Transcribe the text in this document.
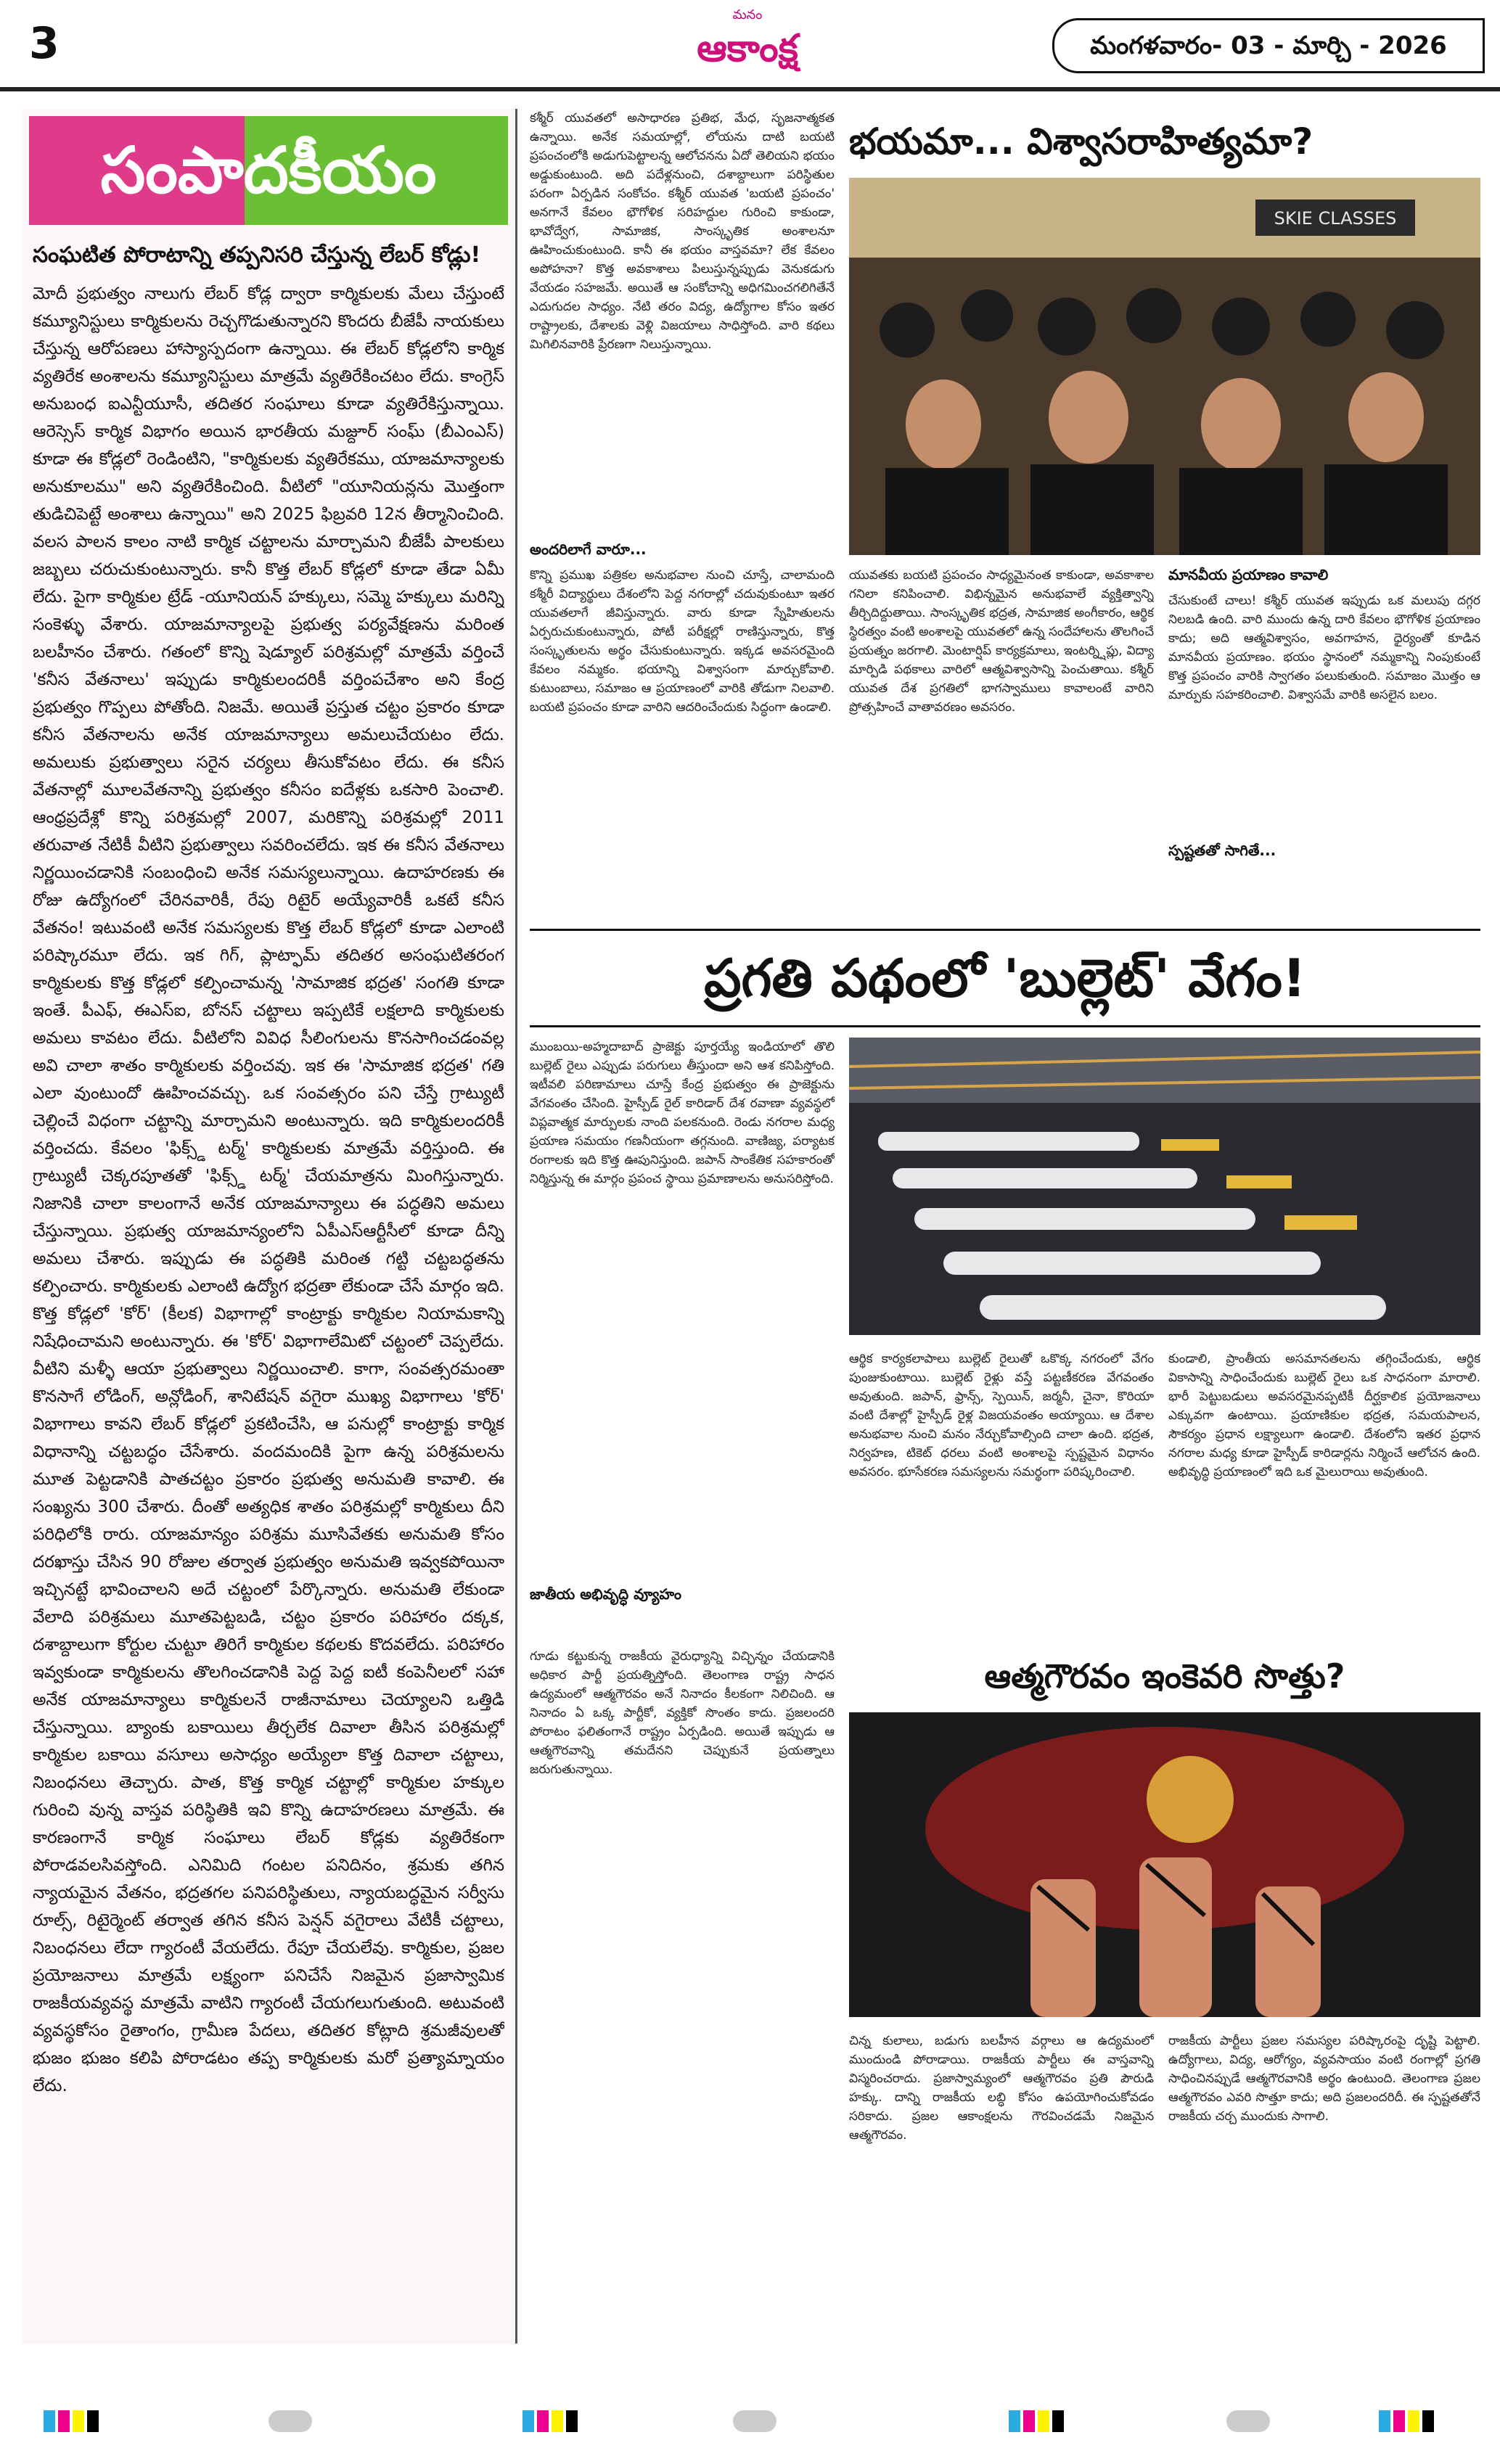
3
మనం
ఆకాంక్ష	మంగళవారం- 03 - మార్చి - 2026
సంపాదకీయం
సంఘటిత పోరాటాన్ని తప్పనిసరి చేస్తున్న లేబర్ కోడ్లు!
మోదీ ప్రభుత్వం నాలుగు లేబర్ కోడ్ల ద్వారా కార్మికులకు మేలు చేస్తుంటే కమ్యూనిస్టులు కార్మికులను రెచ్చగొడుతున్నారని కొందరు బీజేపీ నాయకులు చేస్తున్న ఆరోపణలు హాస్యాస్పదంగా ఉన్నాయి. ఈ లేబర్ కోడ్లలోని కార్మిక వ్యతిరేక అంశాలను కమ్యూనిస్టులు మాత్రమే వ్యతిరేకించటం లేదు. కాంగ్రెస్ అనుబంధ ఐఎన్టీయూసీ, తదితర సంఘాలు కూడా వ్యతిరేకిస్తున్నాయి. ఆరెస్సెస్ కార్మిక విభాగం అయిన భారతీయ మజ్దూర్ సంఘ్ (బీఎంఎస్) కూడా ఈ కోడ్లలో రెండింటిని, "కార్మికులకు వ్యతిరేకము, యాజమాన్యాలకు అనుకూలము" అని వ్యతిరేకించింది. వీటిలో "యూనియన్లను మొత్తంగా తుడిచిపెట్టే అంశాలు ఉన్నాయి" అని 2025 ఫిబ్రవరి 12న తీర్మానించింది. వలస పాలన కాలం నాటి కార్మిక చట్టాలను మార్చామని బీజేపీ పాలకులు జబ్బలు చరుచుకుంటున్నారు. కానీ కొత్త లేబర్ కోడ్లలో కూడా తేడా ఏమీ లేదు. పైగా కార్మికుల ట్రేడ్ -యూనియన్ హక్కులు, సమ్మె హక్కులు మరిన్ని సంకెళ్ళు వేశారు. యాజమాన్యాలపై ప్రభుత్వ పర్యవేక్షణను మరింత బలహీనం చేశారు. గతంలో కొన్ని షెడ్యూల్ పరిశ్రమల్లో మాత్రమే వర్తించే 'కనీస వేతనాలు' ఇప్పుడు కార్మికులందరికీ వర్తింపచేశాం అని కేంద్ర ప్రభుత్వం గొప్పలు పోతోంది. నిజమే. అయితే ప్రస్తుత చట్టం ప్రకారం కూడా కనీస వేతనాలను అనేక యాజమాన్యాలు అమలుచేయటం లేదు. అమలుకు ప్రభుత్వాలు సరైన చర్యలు తీసుకోవటం లేదు. ఈ కనీస వేతనాల్లో మూలవేతనాన్ని ప్రభుత్వం కనీసం ఐదేళ్లకు ఒకసారి పెంచాలి. ఆంధ్రప్రదేశ్లో కొన్ని పరిశ్రమల్లో 2007, మరికొన్ని పరిశ్రమల్లో 2011 తరువాత నేటికీ వీటిని ప్రభుత్వాలు సవరించలేదు. ఇక ఈ కనీస వేతనాలు నిర్ణయించడానికి సంబంధించి అనేక సమస్యలున్నాయి. ఉదాహరణకు ఈ రోజు ఉద్యోగంలో చేరినవారికీ, రేపు రిటైర్ అయ్యేవారికీ ఒకటే కనీస వేతనం! ఇటువంటి అనేక సమస్యలకు కొత్త లేబర్ కోడ్లలో కూడా ఎలాంటి పరిష్కారమూ లేదు. ఇక గిగ్, ప్లాట్ఫామ్ తదితర అసంఘటితరంగ కార్మికులకు కొత్త కోడ్లలో కల్పించామన్న 'సామాజిక భద్రత' సంగతి కూడా ఇంతే. పీఎఫ్, ఈఎస్ఐ, బోనస్ చట్టాలు ఇప్పటికే లక్షలాది కార్మికులకు అమలు కావటం లేదు. వీటిలోని వివిధ సీలింగులను కొనసాగించడంవల్ల అవి చాలా శాతం కార్మికులకు వర్తించవు. ఇక ఈ 'సామాజిక భద్రత' గతి ఎలా వుంటుందో ఊహించవచ్చు. ఒక సంవత్సరం పని చేస్తే గ్రాట్యుటీ చెల్లించే విధంగా చట్టాన్ని మార్చామని అంటున్నారు. ఇది కార్మికులందరికీ వర్తించదు. కేవలం 'ఫిక్స్డ్ టర్మ్' కార్మికులకు మాత్రమే వర్తిస్తుంది. ఈ గ్రాట్యుటీ చెక్కరపూతతో 'ఫిక్స్డ్ టర్మ్' చేయమాత్రను మింగిస్తున్నారు. నిజానికి చాలా కాలంగానే అనేక యాజమాన్యాలు ఈ పద్ధతిని అమలు చేస్తున్నాయి. ప్రభుత్వ యాజమాన్యంలోని ఏపీఎస్ఆర్టీసీలో కూడా దీన్ని అమలు చేశారు. ఇప్పుడు ఈ పద్ధతికి మరింత గట్టి చట్టబద్ధతను కల్పించారు. కార్మికులకు ఎలాంటి ఉద్యోగ భద్రతా లేకుండా చేసే మార్గం ఇది. కొత్త కోడ్లలో 'కోర్' (కీలక) విభాగాల్లో కాంట్రాక్టు కార్మికుల నియామకాన్ని నిషేధించామని అంటున్నారు. ఈ 'కోర్' విభాగాలేమిటో చట్టంలో చెప్పలేదు. వీటిని మళ్ళీ ఆయా ప్రభుత్వాలు నిర్ణయించాలి. కాగా, సంవత్సరమంతా కొనసాగే లోడింగ్, అన్లోడింగ్, శానిటేషన్ వగైరా ముఖ్య విభాగాలు 'కోర్' విభాగాలు కావని లేబర్ కోడ్లలో ప్రకటించేసి, ఆ పనుల్లో కాంట్రాక్టు కార్మిక విధానాన్ని చట్టబద్ధం చేసేశారు. వందమందికి పైగా ఉన్న పరిశ్రమలను మూత పెట్టడానికి పాతచట్టం ప్రకారం ప్రభుత్వ అనుమతి కావాలి. ఈ సంఖ్యను 300 చేశారు. దీంతో అత్యధిక శాతం పరిశ్రమల్లో కార్మికులు దీని పరిధిలోకి రారు. యాజమాన్యం పరిశ్రమ మూసివేతకు అనుమతి కోసం దరఖాస్తు చేసిన 90 రోజుల తర్వాత ప్రభుత్వం అనుమతి ఇవ్వకపోయినా ఇచ్చినట్టే భావించాలని అదే చట్టంలో పేర్కొన్నారు. అనుమతి లేకుండా వేలాది పరిశ్రమలు మూతపెట్టబడి, చట్టం ప్రకారం పరిహారం దక్కక, దశాబ్దాలుగా కోర్టుల చుట్టూ తిరిగే కార్మికుల కథలకు కొదవలేదు. పరిహారం ఇవ్వకుండా కార్మికులను తొలగించడానికి పెద్ద పెద్ద ఐటీ కంపెనీలలో సహా అనేక యాజమాన్యాలు కార్మికులనే రాజీనామాలు చెయ్యాలని ఒత్తిడి చేస్తున్నాయి. బ్యాంకు బకాయిలు తీర్చలేక దివాలా తీసిన పరిశ్రమల్లో కార్మికుల బకాయి వసూలు అసాధ్యం అయ్యేలా కొత్త దివాలా చట్టాలు, నిబంధనలు తెచ్చారు. పాత, కొత్త కార్మిక చట్టాల్లో కార్మికుల హక్కుల గురించి వున్న వాస్తవ పరిస్థితికి ఇవి కొన్ని ఉదాహరణలు మాత్రమే. ఈ కారణంగానే కార్మిక సంఘాలు లేబర్ కోడ్లకు వ్యతిరేకంగా పోరాడవలసివస్తోంది. ఎనిమిది గంటల పనిదినం, శ్రమకు తగిన న్యాయమైన వేతనం, భద్రతగల పనిపరిస్థితులు, న్యాయబద్ధమైన సర్వీసు రూల్స్, రిటైర్మెంట్ తర్వాత తగిన కనీస పెన్షన్ వగైరాలు వేటికీ చట్టాలు, నిబంధనలు లేదా గ్యారంటీ వేయలేదు. రేపూ చేయలేవు. కార్మికుల, ప్రజల ప్రయోజనాలు మాత్రమే లక్ష్యంగా పనిచేసే నిజమైన ప్రజాస్వామిక రాజకీయవ్యవస్థ మాత్రమే వాటిని గ్యారంటీ చేయగలుగుతుంది. అటువంటి వ్యవస్థకోసం రైతాంగం, గ్రామీణ పేదలు, తదితర కోట్లాది శ్రమజీవులతో భుజం భుజం కలిపి పోరాడటం తప్ప కార్మికులకు మరో ప్రత్యామ్నాయం లేదు.
కశ్మీర్ యువతలో అసాధారణ ప్రతిభ, మేధ, సృజనాత్మకత ఉన్నాయి. అనేక సమయాల్లో, లోయను దాటి బయటి ప్రపంచంలోకి అడుగుపెట్టాలన్న ఆలోచనను ఏదో తెలియని భయం అడ్డుకుంటుంది. అది పదేళ్లనుంచి, దశాబ్దాలుగా పరిస్థితుల పరంగా ఏర్పడిన సంకోచం. కశ్మీర్ యువత 'బయటి ప్రపంచం' అనగానే కేవలం భౌగోళిక సరిహద్దుల గురించి కాకుండా, భావోద్వేగ, సామాజిక, సాంస్కృతిక అంశాలనూ ఊహించుకుంటుంది. కానీ ఈ భయం వాస్తవమా? లేక కేవలం అపోహనా? కొత్త అవకాశాలు పిలుస్తున్నప్పుడు వెనుకడుగు వేయడం సహజమే. అయితే ఆ సంకోచాన్ని అధిగమించగలిగితేనే ఎదుగుదల సాధ్యం. నేటి తరం విద్య, ఉద్యోగాల కోసం ఇతర రాష్ట్రాలకు, దేశాలకు వెళ్లి విజయాలు సాధిస్తోంది. వారి కథలు మిగిలినవారికి ప్రేరణగా నిలుస్తున్నాయి.
అందరిలాగే వారూ...
కొన్ని ప్రముఖ పత్రికల అనుభవాల నుంచి చూస్తే, చాలామంది కశ్మీరీ విద్యార్థులు దేశంలోని పెద్ద నగరాల్లో చదువుకుంటూ ఇతర యువతలాగే జీవిస్తున్నారు. వారు కూడా స్నేహితులను ఏర్పరుచుకుంటున్నారు, పోటీ పరీక్షల్లో రాణిస్తున్నారు, కొత్త సంస్కృతులను అర్థం చేసుకుంటున్నారు. ఇక్కడ అవసరమైంది కేవలం నమ్మకం. భయాన్ని విశ్వాసంగా మార్చుకోవాలి. కుటుంబాలు, సమాజం ఆ ప్రయాణంలో వారికి తోడుగా నిలవాలి. బయటి ప్రపంచం కూడా వారిని ఆదరించేందుకు సిద్ధంగా ఉండాలి.
భయమా... విశ్వాసరాహిత్యమా?
SKIE CLASSES
యువతకు బయటి ప్రపంచం సాధ్యమైనంత కాకుండా, అవకాశాల గనిలా కనిపించాలి. విభిన్నమైన అనుభవాలే వ్యక్తిత్వాన్ని తీర్చిదిద్దుతాయి. సాంస్కృతిక భద్రత, సామాజిక అంగీకారం, ఆర్థిక స్థిరత్వం వంటి అంశాలపై యువతలో ఉన్న సందేహాలను తొలగించే ప్రయత్నం జరగాలి. మెంటార్షిప్ కార్యక్రమాలు, ఇంటర్న్షిప్లు, విద్యా మార్పిడి పథకాలు వారిలో ఆత్మవిశ్వాసాన్ని పెంచుతాయి. కశ్మీర్ యువత దేశ ప్రగతిలో భాగస్వాములు కావాలంటే వారిని ప్రోత్సహించే వాతావరణం అవసరం.
మానవీయ ప్రయాణం కావాలి
చేసుకుంటే చాలు! కశ్మీర్ యువత ఇప్పుడు ఒక మలుపు దగ్గర నిలబడి ఉంది. వారి ముందు ఉన్న దారి కేవలం భౌగోళిక ప్రయాణం కాదు; అది ఆత్మవిశ్వాసం, అవగాహన, ధైర్యంతో కూడిన మానవీయ ప్రయాణం. భయం స్థానంలో నమ్మకాన్ని నింపుకుంటే కొత్త ప్రపంచం వారికి స్వాగతం పలుకుతుంది. సమాజం మొత్తం ఆ మార్పుకు సహకరించాలి. విశ్వాసమే వారికి అసలైన బలం.
స్పష్టతతో సాగితే...
ప్రగతి పథంలో 'బుల్లెట్' వేగం!
ముంబయి-అహ్మదాబాద్ ప్రాజెక్టు పూర్తయ్యే ఇండియాలో తొలి బుల్లెట్ రైలు ఎప్పుడు పరుగులు తీస్తుందా అని ఆశ కనిపిస్తోంది. ఇటీవలి పరిణామాలు చూస్తే కేంద్ర ప్రభుత్వం ఈ ప్రాజెక్టును వేగవంతం చేసింది. హైస్పీడ్ రైల్ కారిడార్ దేశ రవాణా వ్యవస్థలో విప్లవాత్మక మార్పులకు నాంది పలకనుంది. రెండు నగరాల మధ్య ప్రయాణ సమయం గణనీయంగా తగ్గనుంది. వాణిజ్య, పర్యాటక రంగాలకు ఇది కొత్త ఊపునిస్తుంది. జపాన్ సాంకేతిక సహకారంతో నిర్మిస్తున్న ఈ మార్గం ప్రపంచ స్థాయి ప్రమాణాలను అనుసరిస్తోంది.
ఆర్థిక కార్యకలాపాలు బుల్లెట్ రైలుతో ఒకొక్క నగరంలో వేగం పుంజుకుంటాయి. బుల్లెట్ రైళ్లు వస్తే పట్టణీకరణ వేగవంతం అవుతుంది. జపాన్, ఫ్రాన్స్, స్పెయిన్, జర్మనీ, చైనా, కొరియా వంటి దేశాల్లో హైస్పీడ్ రైళ్ల విజయవంతం అయ్యాయి. ఆ దేశాల అనుభవాల నుంచి మనం నేర్చుకోవాల్సింది చాలా ఉంది. భద్రత, నిర్వహణ, టికెట్ ధరలు వంటి అంశాలపై స్పష్టమైన విధానం అవసరం. భూసేకరణ సమస్యలను సమర్థంగా పరిష్కరించాలి.
జాతీయ అభివృద్ధి వ్యూహం
కుండాలి, ప్రాంతీయ అసమానతలను తగ్గించేందుకు, ఆర్థిక వికాసాన్ని సాధించేందుకు బుల్లెట్ రైలు ఒక సాధనంగా మారాలి. భారీ పెట్టుబడులు అవసరమైనప్పటికీ దీర్ఘకాలిక ప్రయోజనాలు ఎక్కువగా ఉంటాయి. ప్రయాణికుల భద్రత, సమయపాలన, సౌకర్యం ప్రధాన లక్ష్యాలుగా ఉండాలి. దేశంలోని ఇతర ప్రధాన నగరాల మధ్య కూడా హైస్పీడ్ కారిడార్లను నిర్మించే ఆలోచన ఉంది. అభివృద్ధి ప్రయాణంలో ఇది ఒక మైలురాయి అవుతుంది.
గూడు కట్టుకున్న రాజకీయ వైరుధ్యాన్ని విచ్ఛిన్నం చేయడానికి అధికార పార్టీ ప్రయత్నిస్తోంది. తెలంగాణ రాష్ట్ర సాధన ఉద్యమంలో ఆత్మగౌరవం అనే నినాదం కీలకంగా నిలిచింది. ఆ నినాదం ఏ ఒక్క పార్టీకో, వ్యక్తికో సొంతం కాదు. ప్రజలందరి పోరాటం ఫలితంగానే రాష్ట్రం ఏర్పడింది. అయితే ఇప్పుడు ఆ ఆత్మగౌరవాన్ని తమదేనని చెప్పుకునే ప్రయత్నాలు జరుగుతున్నాయి.
ఆత్మగౌరవం ఇంకెవరి సొత్తు?
చిన్న కులాలు, బడుగు బలహీన వర్గాలు ఆ ఉద్యమంలో ముందుండి పోరాడాయి. రాజకీయ పార్టీలు ఈ వాస్తవాన్ని విస్మరించరాదు. ప్రజాస్వామ్యంలో ఆత్మగౌరవం ప్రతి పౌరుడి హక్కు. దాన్ని రాజకీయ లబ్ధి కోసం ఉపయోగించుకోవడం సరికాదు. ప్రజల ఆకాంక్షలను గౌరవించడమే నిజమైన ఆత్మగౌరవం.
రాజకీయ పార్టీలు ప్రజల సమస్యల పరిష్కారంపై దృష్టి పెట్టాలి. ఉద్యోగాలు, విద్య, ఆరోగ్యం, వ్యవసాయం వంటి రంగాల్లో ప్రగతి సాధించినప్పుడే ఆత్మగౌరవానికి అర్థం ఉంటుంది. తెలంగాణ ప్రజల ఆత్మగౌరవం ఎవరి సొత్తూ కాదు; అది ప్రజలందరిదీ. ఈ స్పష్టతతోనే రాజకీయ చర్చ ముందుకు సాగాలి.
